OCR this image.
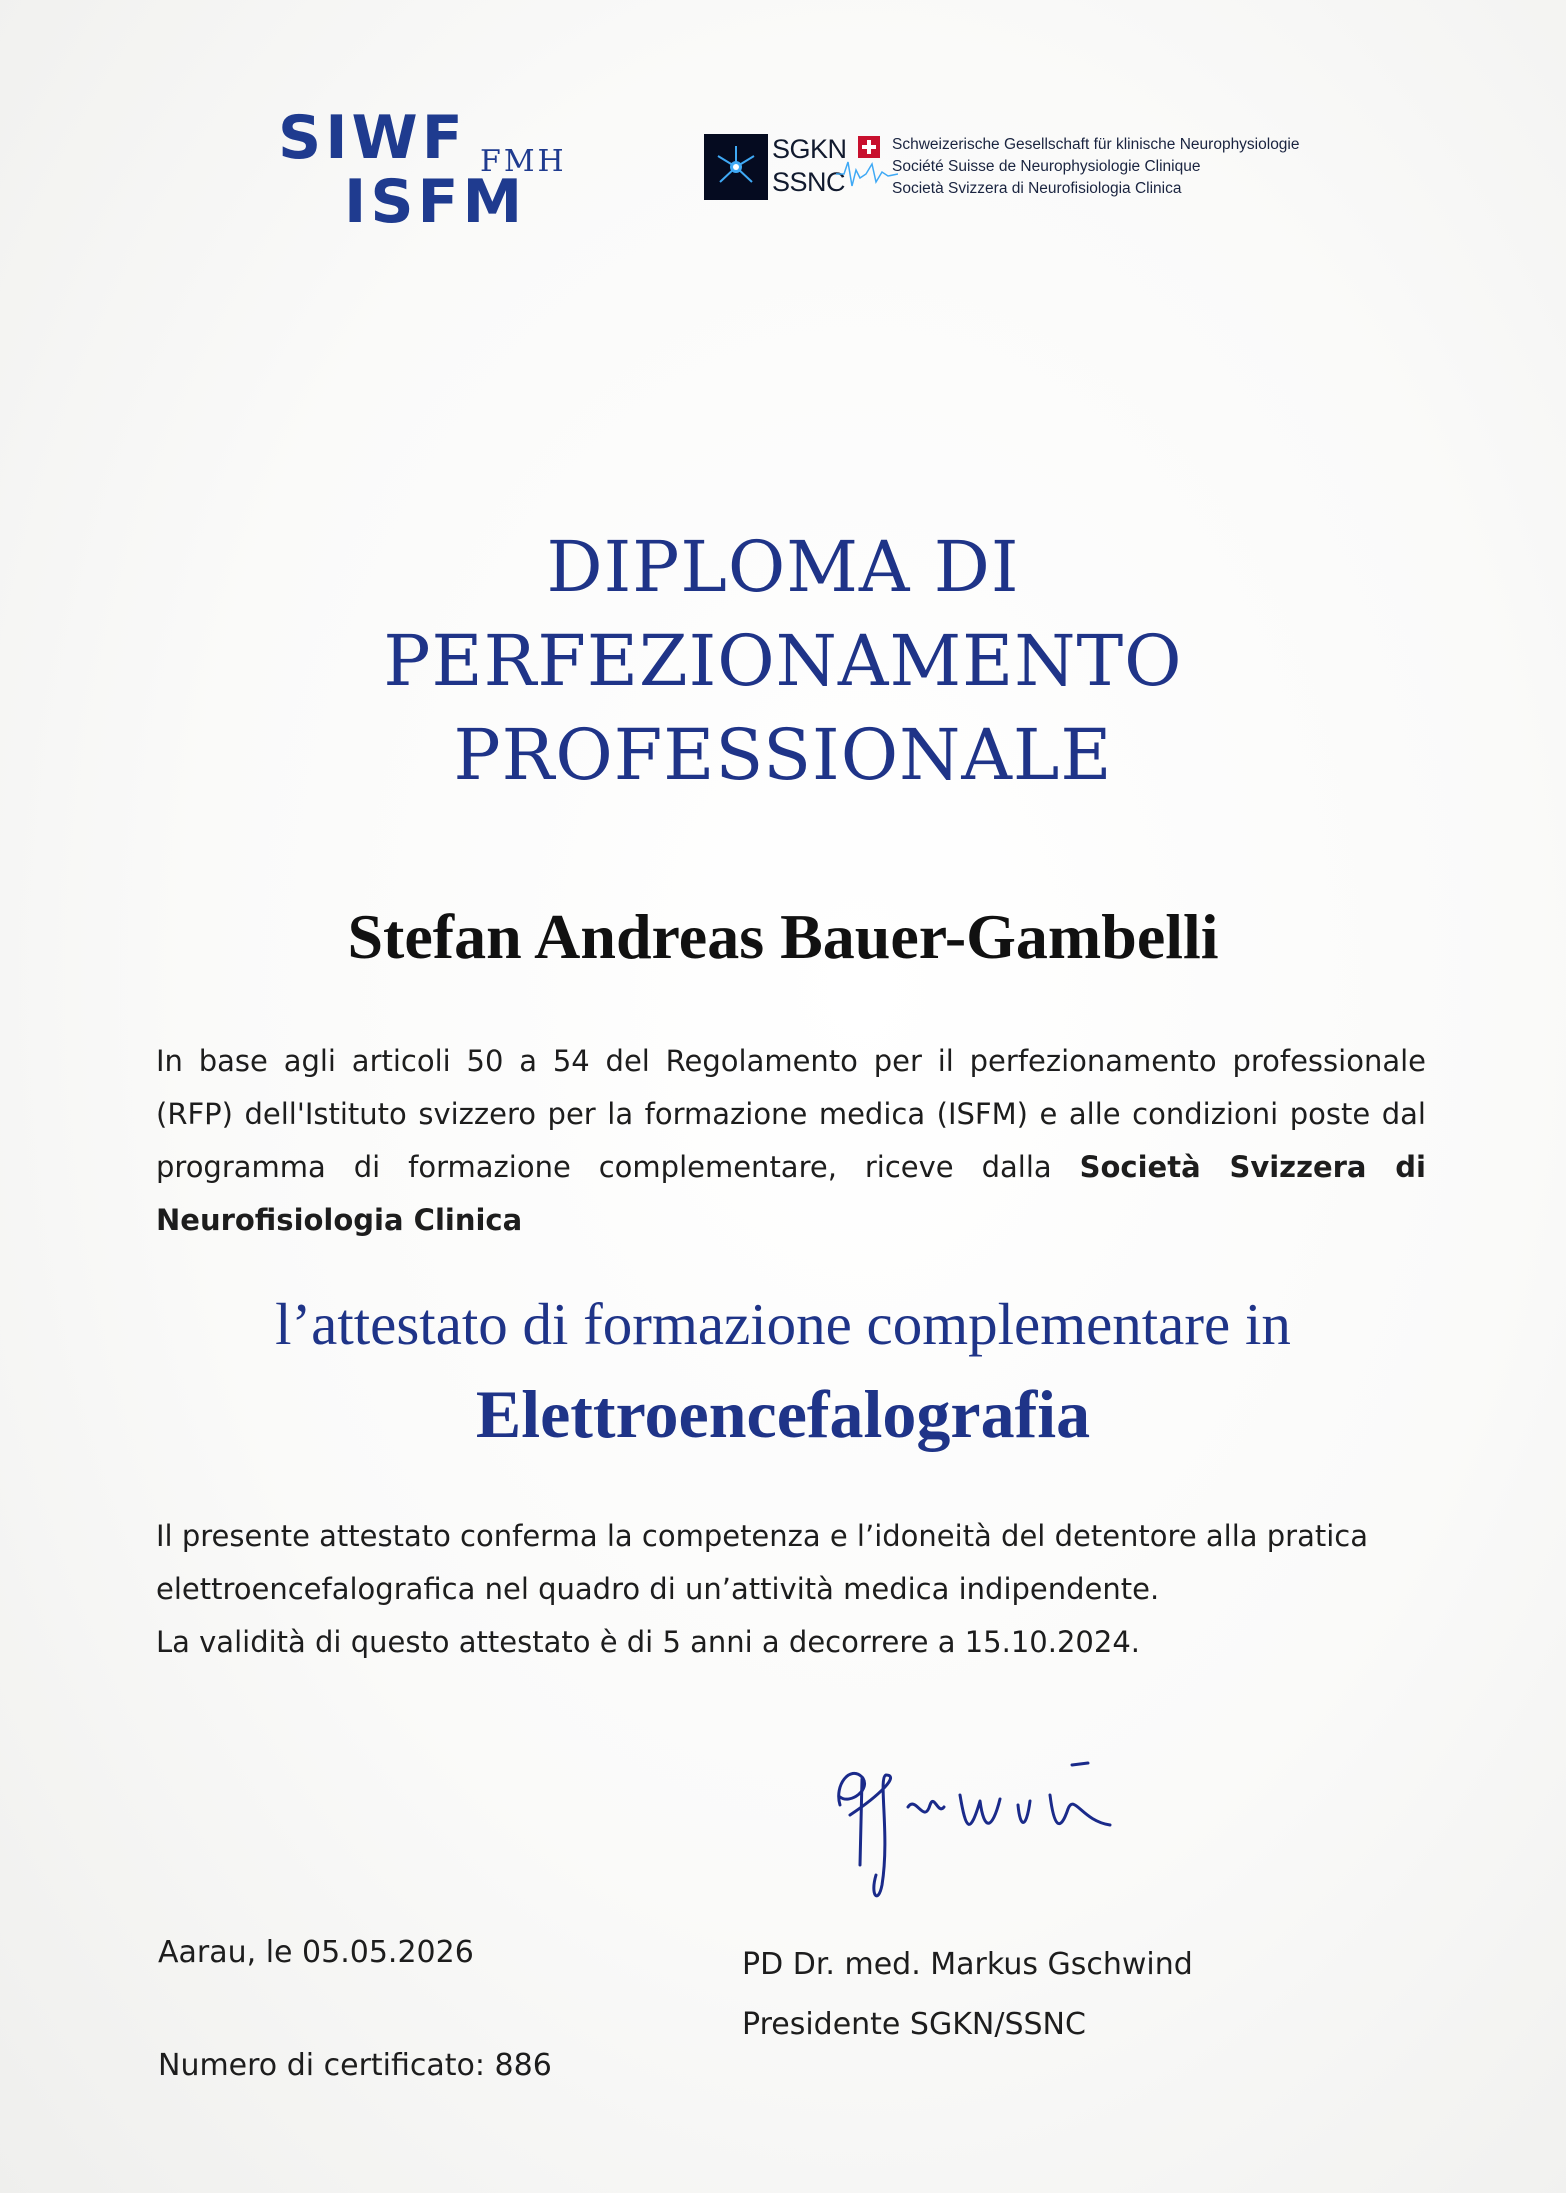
SIWF FMH
ISFM
SGKN
SSNC
Schweizerische Gesellschaft für klinische Neurophysiologie
Société Suisse de Neurophysiologie Clinique
Società Svizzera di Neurofisiologia Clinica
DIPLOMA DI
PERFEZIONAMENTO
PROFESSIONALE
Stefan Andreas Bauer-Gambelli
In base agli articoli 50 a 54 del Regolamento per il perfezionamento professionale (RFP) dell'Istituto svizzero per la formazione medica (ISFM) e alle condizioni poste dal programma di formazione complementare, riceve dalla Società Svizzera di Neurofisiologia Clinica
l’attestato di formazione complementare in
Elettroencefalografia
Il presente attestato conferma la competenza e l’idoneità del detentore alla pratica elettroencefalografica nel quadro di un’attività medica indipendente.
La validità di questo attestato è di 5 anni a decorrere a 15.10.2024.
Aarau, le 05.05.2026
Numero di certificato: 886
PD Dr. med. Markus Gschwind
Presidente SGKN/SSNC
